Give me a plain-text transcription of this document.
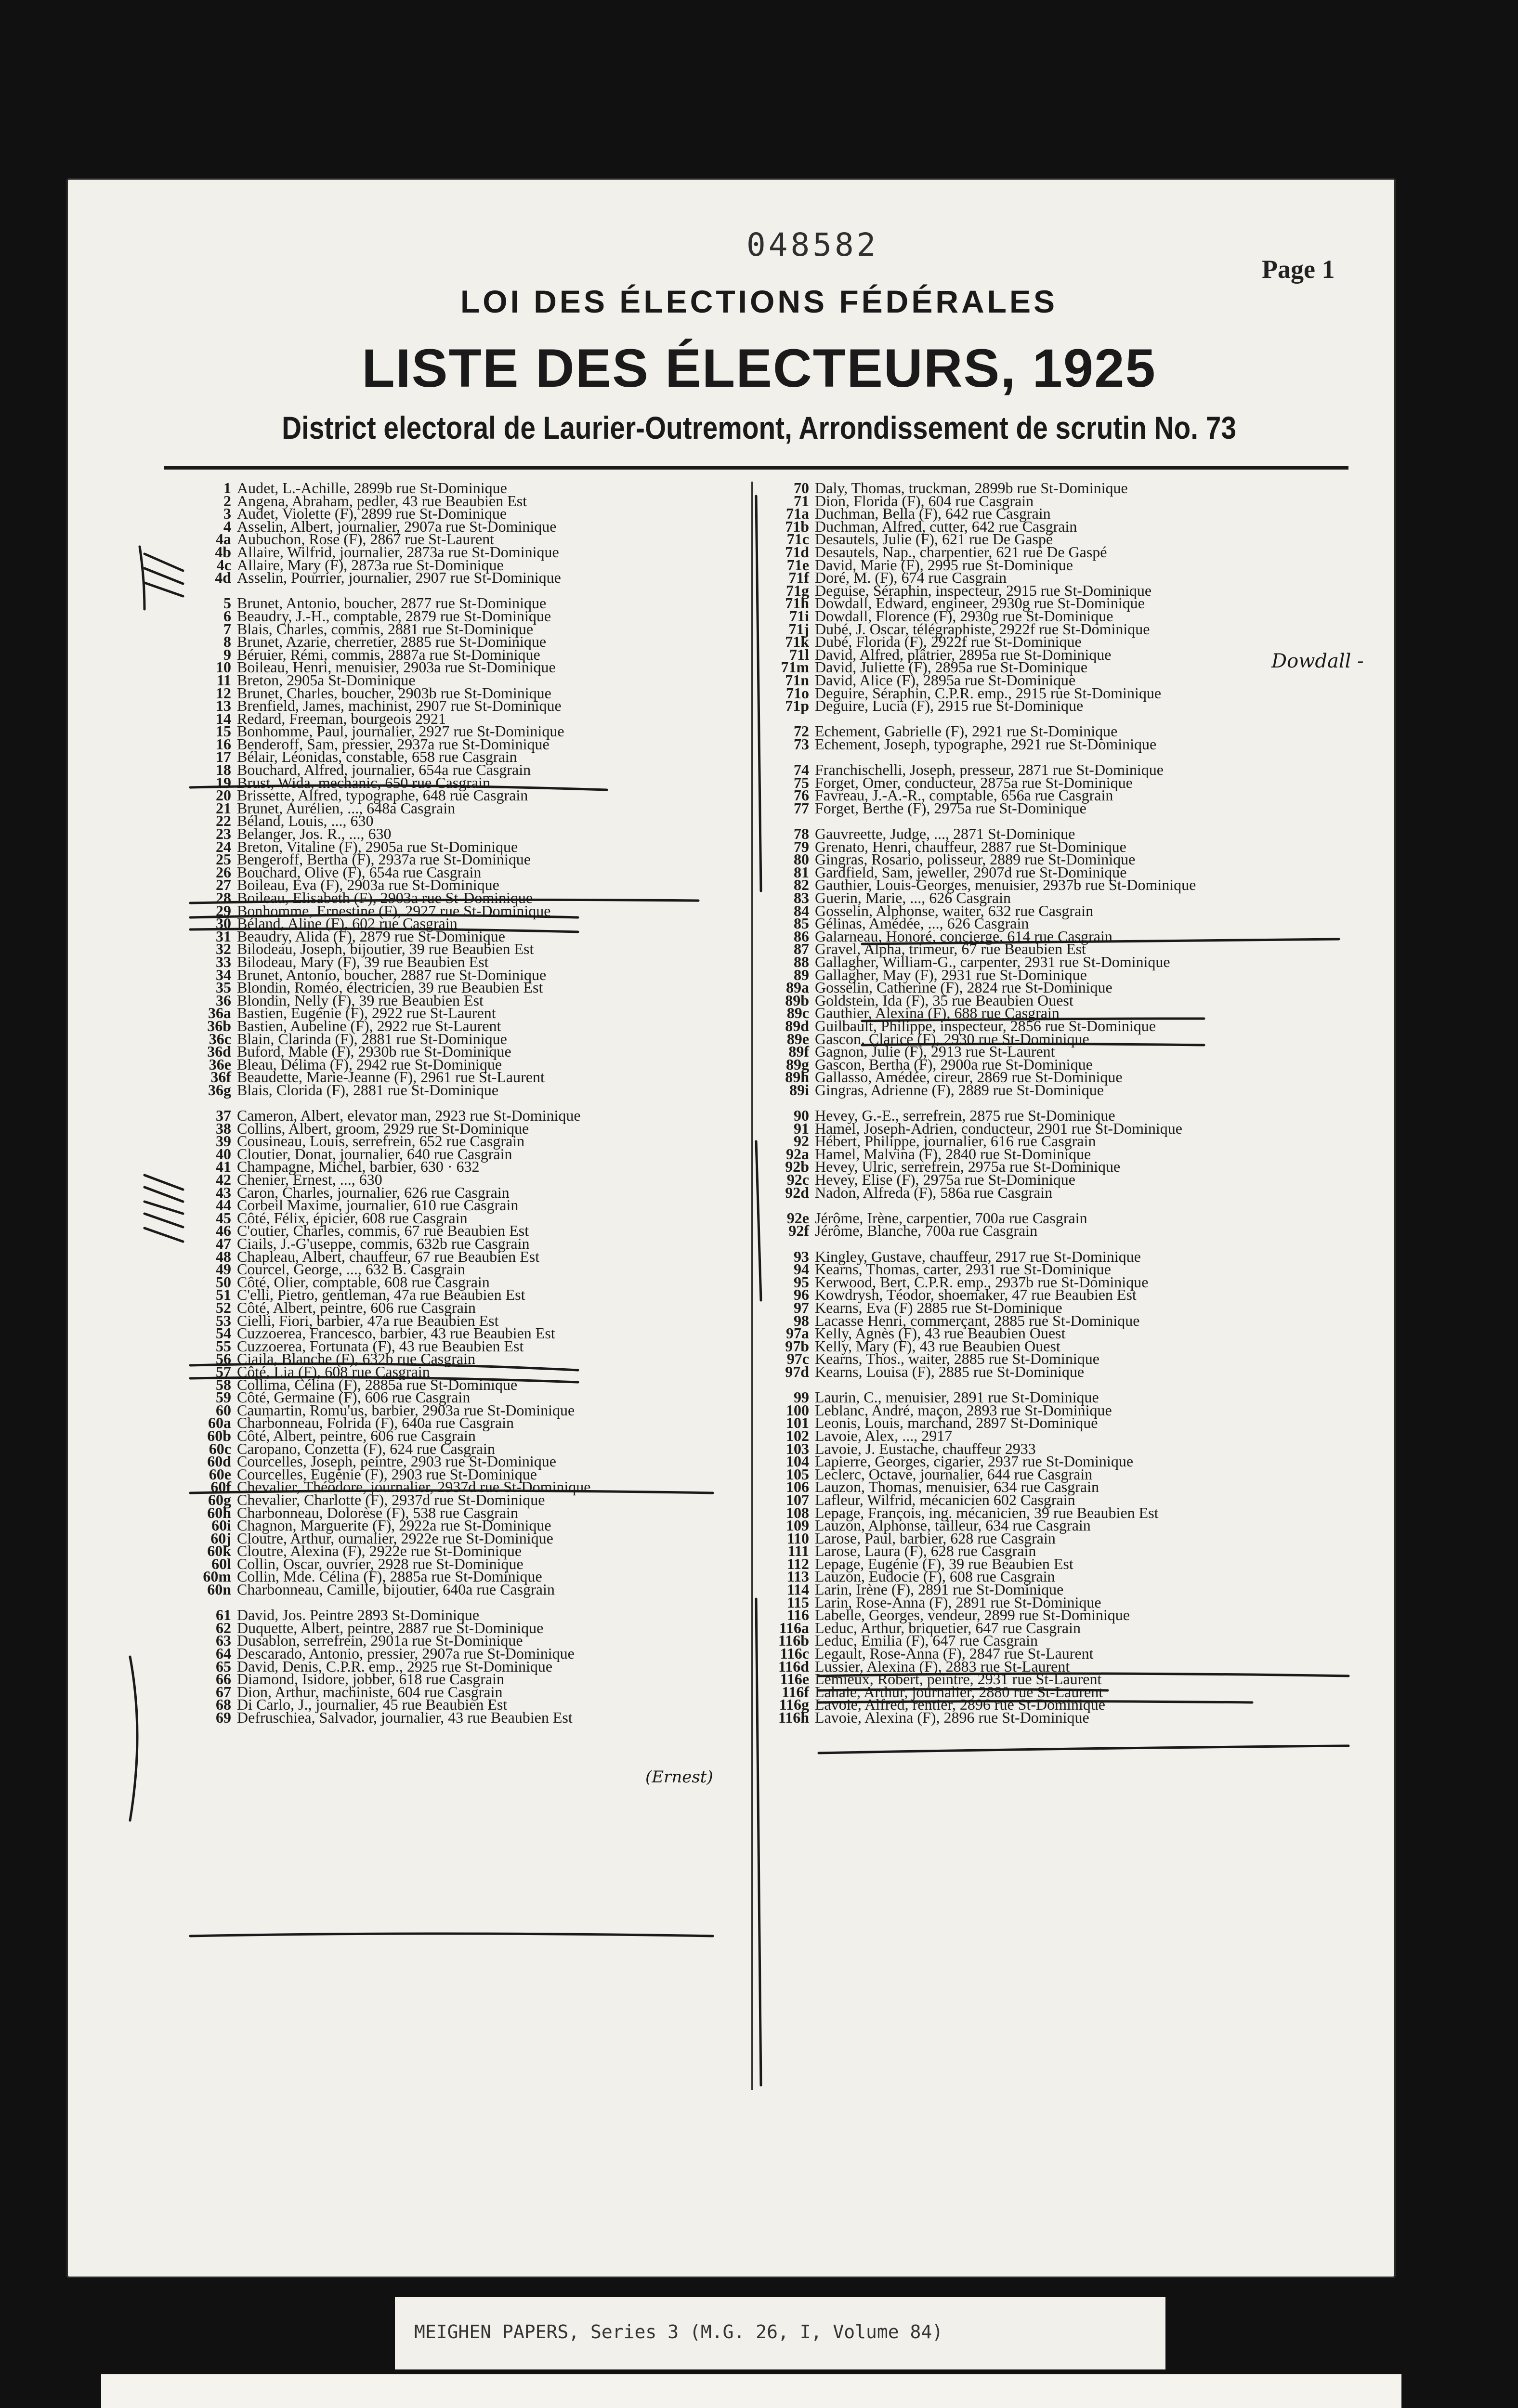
048582
Page 1
LOI DES ÉLECTIONS FÉDÉRALES
LISTE DES ÉLECTEURS, 1925
District electoral de Laurier-Outremont, Arrondissement de scrutin No. 73
1 Audet, L.-Achille, 2899b rue St-Dominique
2 Angena, Abraham, pedler, 43 rue Beaubien Est
3 Audet, Violette (F), 2899 rue St-Dominique
4 Asselin, Albert, journalier, 2907a rue St-Dominique
4a Aubuchon, Rose (F), 2867 rue St-Laurent
4b Allaire, Wilfrid, journalier, 2873a rue St-Dominique
4c Allaire, Mary (F), 2873a rue St-Dominique
4d Asselin, Pourrier, journalier, 2907 rue St-Dominique
5 Brunet, Antonio, boucher, 2877 rue St-Dominique
6 Beaudry, J.-H., comptable, 2879 rue St-Dominique
7 Blais, Charles, commis, 2881 rue St-Dominique
8 Brunet, Azarie, cherretier, 2885 rue St-Dominique
9 Béruier, Rémi, commis, 2887a rue St-Dominique
10 Boileau, Henri, menuisier, 2903a rue St-Dominique
11 Breton, 2905a St-Dominique
12 Brunet, Charles, boucher, 2903b rue St-Dominique
13 Brenfield, James, machinist, 2907 rue St-Dominique
14 Redard, Freeman, bourgeois 2921
15 Bonhomme, Paul, journalier, 2927 rue St-Dominique
16 Benderoff, Sam, pressier, 2937a rue St-Dominique
17 Bélair, Léonidas, constable, 658 rue Casgrain
18 Bouchard, Alfred, journalier, 654a rue Casgrain
19 Brust, Wida, mechanic, 650 rue Casgrain
20 Brissette, Alfred, typographe, 648 rue Casgrain
21 Brunet, Aurélien, ..., 648a Casgrain
22 Béland, Louis, ..., 630
23 Belanger, Jos. R., ..., 630
24 Breton, Vitaline (F), 2905a rue St-Dominique
25 Bengeroff, Bertha (F), 2937a rue St-Dominique
26 Bouchard, Olive (F), 654a rue Casgrain
27 Boileau, Eva (F), 2903a rue St-Dominique
28 Boileau, Elisabeth (F), 2903a rue St-Dominique
29 Bonhomme, Ernestine (F), 2927 rue St-Dominique
30 Béland, Aline (F), 602 rue Casgrain
31 Beaudry, Alida (F), 2879 rue St-Dominique
32 Bilodeau, Joseph, bijoutier, 39 rue Beaubien Est
33 Bilodeau, Mary (F), 39 rue Beaubien Est
34 Brunet, Antonio, boucher, 2887 rue St-Dominique
35 Blondin, Roméo, électricien, 39 rue Beaubien Est
36 Blondin, Nelly (F), 39 rue Beaubien Est
36a Bastien, Eugénie (F), 2922 rue St-Laurent
36b Bastien, Aubeline (F), 2922 rue St-Laurent
36c Blain, Clarinda (F), 2881 rue St-Dominique
36d Buford, Mable (F), 2930b rue St-Dominique
36e Bleau, Délima (F), 2942 rue St-Dominique
36f Beaudette, Marie-Jeanne (F), 2961 rue St-Laurent
36g Blais, Clorida (F), 2881 rue St-Dominique
37 Cameron, Albert, elevator man, 2923 rue St-Dominique
38 Collins, Albert, groom, 2929 rue St-Dominique
39 Cousineau, Louis, serrefrein, 652 rue Casgrain
40 Cloutier, Donat, journalier, 640 rue Casgrain
41 Champagne, Michel, barbier, 630 · 632
42 Chenier, Ernest, ..., 630
43 Caron, Charles, journalier, 626 rue Casgrain
44 Corbeil Maxime, journalier, 610 rue Casgrain
45 Côté, Félix, épicier, 608 rue Casgrain
46 C'outier, Charles, commis, 67 rue Beaubien Est
47 Ciails, J.-G'useppe, commis, 632b rue Casgrain
48 Chapleau, Albert, chauffeur, 67 rue Beaubien Est
49 Courcel, George, ..., 632 B. Casgrain
50 Côté, Olier, comptable, 608 rue Casgrain
51 C'elli, Pietro, gentleman, 47a rue Beaubien Est
52 Côté, Albert, peintre, 606 rue Casgrain
53 Cielli, Fiori, barbier, 47a rue Beaubien Est
54 Cuzzoerea, Francesco, barbier, 43 rue Beaubien Est
55 Cuzzoerea, Fortunata (F), 43 rue Beaubien Est
56 Ciaila, Blanche (F), 632b rue Casgrain
57 Côté, Lia (F), 608 rue Casgrain
58 Collima, Célina (F), 2885a rue St-Dominique
59 Côté, Germaine (F), 606 rue Casgrain
60 Caumartin, Romu'us, barbier, 2903a rue St-Dominique
60a Charbonneau, Folrida (F), 640a rue Casgrain
60b Côté, Albert, peintre, 606 rue Casgrain
60c Caropano, Conzetta (F), 624 rue Casgrain
60d Courcelles, Joseph, peintre, 2903 rue St-Dominique
60e Courcelles, Eugénie (F), 2903 rue St-Dominique
60f Chevalier, Théodore, journalier, 2937d rue St-Dominique
60g Chevalier, Charlotte (F), 2937d rue St-Dominique
60h Charbonneau, Dolorèse (F), 538 rue Casgrain
60i Chagnon, Marguerite (F), 2922a rue St-Dominique
60j Cloutre, Arthur, ournalier, 2922e rue St-Dominique
60k Cloutre, Alexina (F), 2922e rue St-Dominique
60l Collin, Oscar, ouvrier, 2928 rue St-Dominique
60m Collin, Mde. Célina (F), 2885a rue St-Dominique
60n Charbonneau, Camille, bijoutier, 640a rue Casgrain
61 David, Jos. Peintre 2893 St-Dominique
62 Duquette, Albert, peintre, 2887 rue St-Dominique
63 Dusablon, serrefrein, 2901a rue St-Dominique
64 Descarado, Antonio, pressier, 2907a rue St-Dominique
65 David, Denis, C.P.R. emp., 2925 rue St-Dominique
66 Diamond, Isidore, jobber, 618 rue Casgrain
67 Dion, Arthur, machiniste, 604 rue Casgrain
68 Di Carlo, J., journalier, 45 rue Beaubien Est
69 Defruschiea, Salvador, journalier, 43 rue Beaubien Est
70 Daly, Thomas, truckman, 2899b rue St-Dominique
71 Dion, Florida (F), 604 rue Casgrain
71a Duchman, Bella (F), 642 rue Casgrain
71b Duchman, Alfred, cutter, 642 rue Casgrain
71c Desautels, Julie (F), 621 rue De Gaspé
71d Desautels, Nap., charpentier, 621 rue De Gaspé
71e David, Marie (F), 2995 rue St-Dominique
71f Doré, M. (F), 674 rue Casgrain
71g Deguise, Séraphin, inspecteur, 2915 rue St-Dominique
71h Dowdall, Edward, engineer, 2930g rue St-Dominique
71i Dowdall, Florence (F), 2930g rue St-Dominique
71j Dubé, J. Oscar, télégraphiste, 2922f rue St-Dominique
71k Dubé, Florida (F), 2922f rue St-Dominique
71l David, Alfred, plâtrier, 2895a rue St-Dominique
71m David, Juliette (F), 2895a rue St-Dominique
71n David, Alice (F), 2895a rue St-Dominique
71o Deguire, Séraphin, C.P.R. emp., 2915 rue St-Dominique
71p Deguire, Lucia (F), 2915 rue St-Dominique
72 Echement, Gabrielle (F), 2921 rue St-Dominique
73 Echement, Joseph, typographe, 2921 rue St-Dominique
74 Franchischelli, Joseph, presseur, 2871 rue St-Dominique
75 Forget, Omer, conducteur, 2875a rue St-Dominique
76 Favreau, J.-A.-R., comptable, 656a rue Casgrain
77 Forget, Berthe (F), 2975a rue St-Dominique
78 Gauvreette, Judge, ..., 2871 St-Dominique
79 Grenato, Henri, chauffeur, 2887 rue St-Dominique
80 Gingras, Rosario, polisseur, 2889 rue St-Dominique
81 Gardfield, Sam, jeweller, 2907d rue St-Dominique
82 Gauthier, Louis-Georges, menuisier, 2937b rue St-Dominique
83 Guerin, Marie, ..., 626 Casgrain
84 Gosselin, Alphonse, waiter, 632 rue Casgrain
85 Gélinas, Amédée, ..., 626 Casgrain
86 Galarneau, Honoré, concierge, 614 rue Casgrain
87 Gravel, Alpha, trimeur, 67 rue Beaubien Est
88 Gallagher, William-G., carpenter, 2931 rue St-Dominique
89 Gallagher, May (F), 2931 rue St-Dominique
89a Gosselin, Catherine (F), 2824 rue St-Dominique
89b Goldstein, Ida (F), 35 rue Beaubien Ouest
89c Gauthier, Alexina (F), 688 rue Casgrain
89d Guilbault, Philippe, inspecteur, 2856 rue St-Dominique
89e Gascon, Clarice (F), 2930 rue St-Dominique
89f Gagnon, Julie (F), 2913 rue St-Laurent
89g Gascon, Bertha (F), 2900a rue St-Dominique
89h Gallasso, Amédée, cireur, 2869 rue St-Dominique
89i Gingras, Adrienne (F), 2889 rue St-Dominique
90 Hevey, G.-E., serrefrein, 2875 rue St-Dominique
91 Hamel, Joseph-Adrien, conducteur, 2901 rue St-Dominique
92 Hébert, Philippe, journalier, 616 rue Casgrain
92a Hamel, Malvina (F), 2840 rue St-Dominique
92b Hevey, Ulric, serrefrein, 2975a rue St-Dominique
92c Hevey, Elise (F), 2975a rue St-Dominique
92d Nadon, Alfreda (F), 586a rue Casgrain
92e Jérôme, Irène, carpentier, 700a rue Casgrain
92f Jérôme, Blanche, 700a rue Casgrain
93 Kingley, Gustave, chauffeur, 2917 rue St-Dominique
94 Kearns, Thomas, carter, 2931 rue St-Dominique
95 Kerwood, Bert, C.P.R. emp., 2937b rue St-Dominique
96 Kowdrysh, Téodor, shoemaker, 47 rue Beaubien Est
97 Kearns, Eva (F) 2885 rue St-Dominique
98 Lacasse Henri, commerçant, 2885 rue St-Dominique
97a Kelly, Agnès (F), 43 rue Beaubien Ouest
97b Kelly, Mary (F), 43 rue Beaubien Ouest
97c Kearns, Thos., waiter, 2885 rue St-Dominique
97d Kearns, Louisa (F), 2885 rue St-Dominique
99 Laurin, C., menuisier, 2891 rue St-Dominique
100 Leblanc, André, maçon, 2893 rue St-Dominique
101 Leonis, Louis, marchand, 2897 St-Dominique
102 Lavoie, Alex, ..., 2917
103 Lavoie, J. Eustache, chauffeur 2933
104 Lapierre, Georges, cigarier, 2937 rue St-Dominique
105 Leclerc, Octave, journalier, 644 rue Casgrain
106 Lauzon, Thomas, menuisier, 634 rue Casgrain
107 Lafleur, Wilfrid, mécanicien 602 Casgrain
108 Lepage, François, ing. mécanicien, 39 rue Beaubien Est
109 Lauzon, Alphonse, tailleur, 634 rue Casgrain
110 Larose, Paul, barbier, 628 rue Casgrain
111 Larose, Laura (F), 628 rue Casgrain
112 Lepage, Eugénie (F), 39 rue Beaubien Est
113 Lauzon, Eudocie (F), 608 rue Casgrain
114 Larin, Irène (F), 2891 rue St-Dominique
115 Larin, Rose-Anna (F), 2891 rue St-Dominique
116 Labelle, Georges, vendeur, 2899 rue St-Dominique
116a Leduc, Arthur, briquetier, 647 rue Casgrain
116b Leduc, Emilia (F), 647 rue Casgrain
116c Legault, Rose-Anna (F), 2847 rue St-Laurent
116d Lussier, Alexina (F), 2883 rue St-Laurent
116e Lemieux, Robert, peintre, 2931 rue St-Laurent
116f Lahaie, Arthur, journalier, 2880 rue St-Laurent
116g Lavoie, Alfred, rentier, 2896 rue St-Dominique
116h Lavoie, Alexina (F), 2896 rue St-Dominique
MEIGHEN PAPERS, Series 3 (M.G. 26, I, Volume 84)
Dowdall -
(Ernest)
